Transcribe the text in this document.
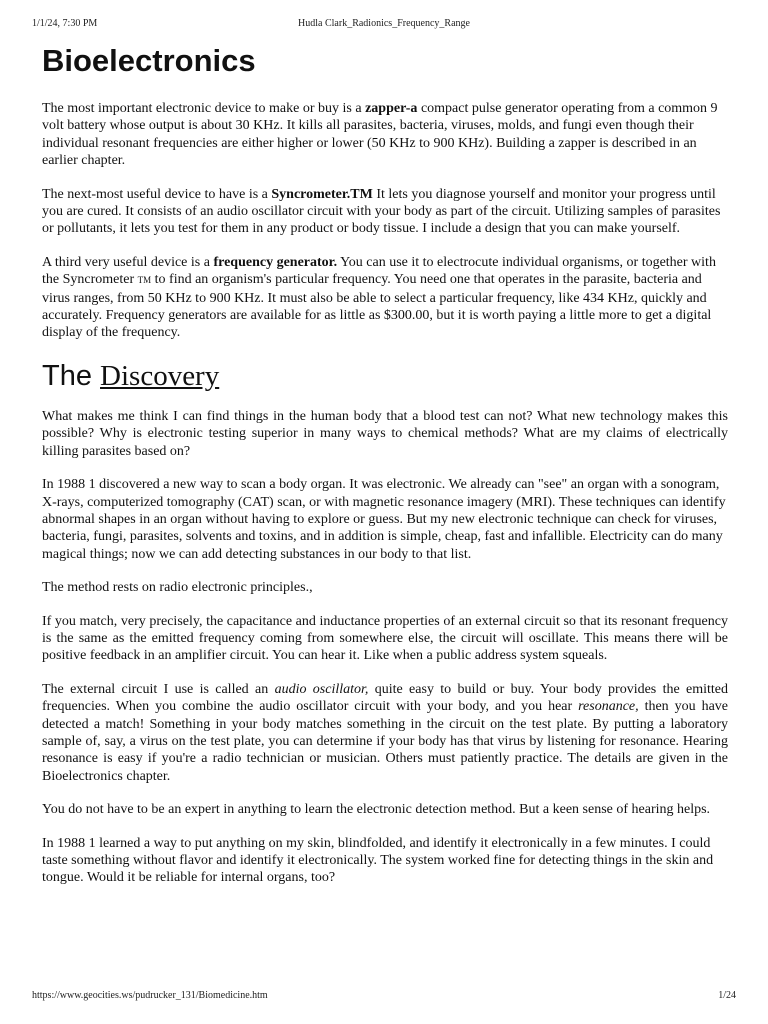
1/1/24, 7:30 PM	Hudla Clark_Radionics_Frequency_Range
Bioelectronics

The most important electronic device to make or buy is a zapper-a compact pulse generator operating from a common 9 volt battery whose output is about 30 KHz. It kills all parasites, bacteria, viruses, molds, and fungi even though their individual resonant frequencies are either higher or lower (50 KHz to 900 KHz). Building a zapper is described in an earlier chapter.

The next-most useful device to have is a Syncrometer.TM It lets you diagnose yourself and monitor your progress until you are cured. It consists of an audio oscillator circuit with your body as part of the circuit. Utilizing samples of parasites or pollutants, it lets you test for them in any product or body tissue. I include a design that you can make yourself.

A third very useful device is a frequency generator. You can use it to electrocute individual organisms, or together with the Syncrometer TM to find an organism's particular frequency. You need one that operates in the parasite, bacteria and virus ranges, from 50 KHz to 900 KHz. It must also be able to select a particular frequency, like 434 KHz, quickly and accurately. Frequency generators are available for as little as $300.00, but it is worth paying a little more to get a digital display of the frequency.

The Discovery

What makes me think I can find things in the human body that a blood test can not? What new technology makes this possible? Why is electronic testing superior in many ways to chemical methods? What are my claims of electrically killing parasites based on?

In 1988 1 discovered a new way to scan a body organ. It was electronic. We already can "see" an organ with a sonogram, X-rays, computerized tomography (CAT) scan, or with magnetic resonance imagery (MRI). These techniques can identify abnormal shapes in an organ without having to explore or guess. But my new electronic technique can check for viruses, bacteria, fungi, parasites, solvents and toxins, and in addition is simple, cheap, fast and infallible. Electricity can do many magical things; now we can add detecting substances in our body to that list.

The method rests on radio electronic principles.,

If you match, very precisely, the capacitance and inductance properties of an external circuit so that its resonant frequency is the same as the emitted frequency coming from somewhere else, the circuit will oscillate. This means there will be positive feedback in an amplifier circuit. You can hear it. Like when a public address system squeals.

The external circuit I use is called an audio oscillator, quite easy to build or buy. Your body provides the emitted frequencies. When you combine the audio oscillator circuit with your body, and you hear resonance, then you have detected a match! Something in your body matches something in the circuit on the test plate. By putting a laboratory sample of, say, a virus on the test plate, you can determine if your body has that virus by listening for resonance. Hearing resonance is easy if you're a radio technician or musician. Others must patiently practice. The details are given in the Bioelectronics chapter.

You do not have to be an expert in anything to learn the electronic detection method. But a keen sense of hearing helps.

In 1988 1 learned a way to put anything on my skin, blindfolded, and identify it electronically in a few minutes. I could taste something without flavor and identify it electronically. The system worked fine for detecting things in the skin and tongue. Would it be reliable for internal organs, too?

https://www.geocities.ws/pudrucker_131/Biomedicine.htm	1/24
